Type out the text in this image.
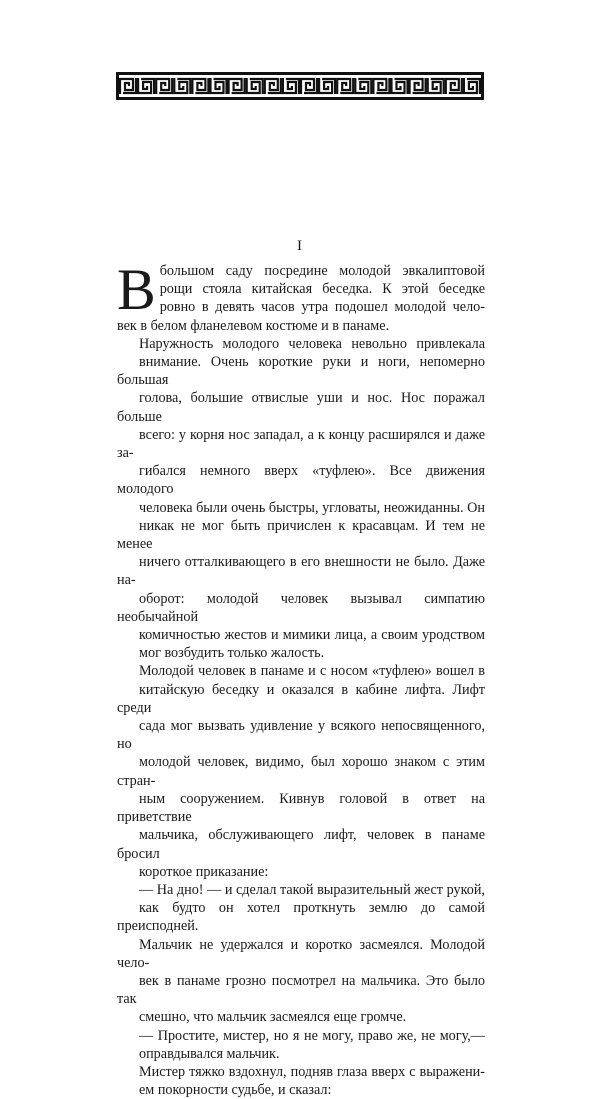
I

В большом саду посредине молодой эвкалиптовой
рощи стояла китайская беседка. К этой беседке
ровно в девять часов утра подошел молодой чело-
век в белом фланелевом костюме и в панаме.

Наружность молодого человека невольно привлекала
внимание. Очень короткие руки и ноги, непомерно большая
голова, большие отвислые уши и нос. Нос поражал больше
всего: у корня нос западал, а к концу расширялся и даже за-
гибался немного вверх «туфлею». Все движения молодого
человека были очень быстры, угловаты, неожиданны. Он
никак не мог быть причислен к красавцам. И тем не менее
ничего отталкивающего в его внешности не было. Даже на-
оборот: молодой человек вызывал симпатию необычайной
комичностью жестов и мимики лица, а своим уродством
мог возбудить только жалость.

Молодой человек в панаме и с носом «туфлею» вошел в
китайскую беседку и оказался в кабине лифта. Лифт среди
сада мог вызвать удивление у всякого непосвященного, но
молодой человек, видимо, был хорошо знаком с этим стран-
ным сооружением. Кивнув головой в ответ на приветствие
мальчика, обслуживающего лифт, человек в панаме бросил
короткое приказание:

— На дно! — и сделал такой выразительный жест рукой,
как будто он хотел проткнуть землю до самой преисподней.
Мальчик не удержался и коротко засмеялся. Молодой чело-
век в панаме грозно посмотрел на мальчика. Это было так
смешно, что мальчик засмеялся еще громче.

— Простите, мистер, но я не могу, право же, не могу,—
оправдывался мальчик.

Мистер тяжко вздохнул, подняв глаза вверх с выражени-
ем покорности судьбе, и сказал:
